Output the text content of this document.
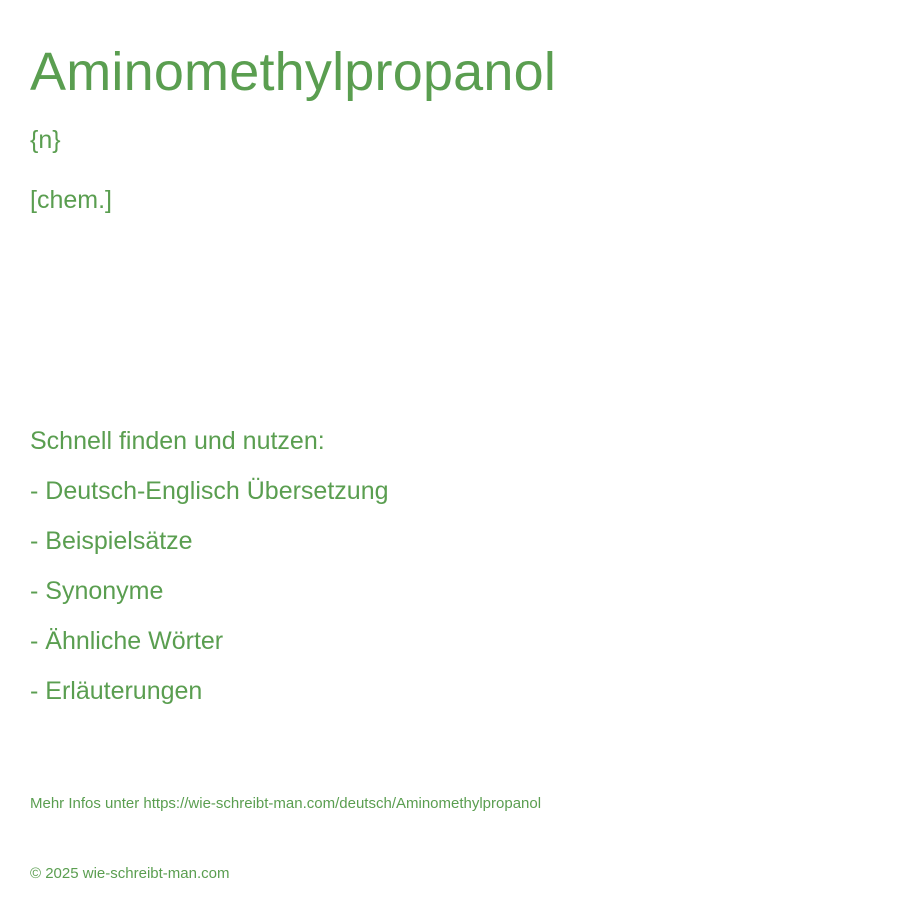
Aminomethylpropanol
{n}
[chem.]
Schnell finden und nutzen:
- Deutsch-Englisch Übersetzung
- Beispielsätze
- Synonyme
- Ähnliche Wörter
- Erläuterungen
Mehr Infos unter https://wie-schreibt-man.com/deutsch/Aminomethylpropanol
© 2025 wie-schreibt-man.com
